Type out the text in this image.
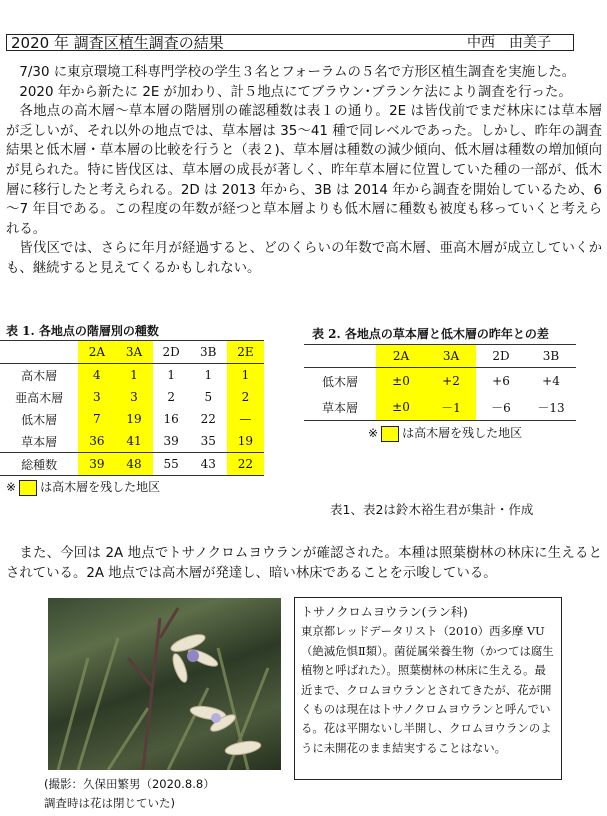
2020 年 調査区植生調査の結果	中西　由美子

7/30 に東京環境工科専門学校の学生３名とフォーラムの５名で方形区植生調査を実施した。

2020 年から新たに 2E が加わり、計５地点にてブラウン･ブランケ法により調査を行った。

各地点の高木層～草本層の階層別の確認種数は表１の通り。2E は皆伐前でまだ林床には草本層が乏しいが、それ以外の地点では、草本層は 35～41 種で同レベルであった。しかし、昨年の調査結果と低木層・草本層の比較を行うと（表２)、草本層は種数の減少傾向、低木層は種数の増加傾向が見られた。特に皆伐区は、草本層の成長が著しく、昨年草本層に位置していた種の一部が、低木層に移行したと考えられる。2D は 2013 年から、3B は 2014 年から調査を開始しているため、6～7 年目である。この程度の年数が経つと草本層よりも低木層に種数も被度も移っていくと考えられる。

皆伐区では、さらに年月が経過すると、どのくらいの年数で高木層、亜高木層が成立していくかも、継続すると見えてくるかもしれない。

表 1. 各地点の階層別の種数
	2A	3A	2D	3B	2E
高木層	4	1	1	1	1
亜高木層	3	3	2	5	2
低木層	7	19	16	22	—
草本層	36	41	39	35	19
総種数	39	48	55	43	22
※ は高木層を残した地区
表 2. 各地点の草本層と低木層の昨年との差
	2A	3A	2D	3B
低木層	±0	+2	+6	+4
草本層	±0	－1	－6	－13
※ は高木層を残した地区
表1、表2は鈴木裕生君が集計・作成

また、今回は 2A 地点でトサノクロムヨウランが確認された。本種は照葉樹林の林床に生えるとされている。2A 地点では高木層が発達し、暗い林床であることを示唆している。

(撮影：久保田繁男（2020.8.8）
調査時は花は閉じていた)
トサノクロムヨウラン(ラン科)
東京都レッドデータリスト（2010）西多摩 VU（絶滅危惧Ⅱ類）。菌従属栄養生物（かつては腐生植物と呼ばれた）。照葉樹林の林床に生える。最近まで、クロムヨウランとされてきたが、花が開くものは現在はトサノクロムヨウランと呼んでいる。花は平開ないし半開し、クロムヨウランのように未開花のまま結実することはない。
